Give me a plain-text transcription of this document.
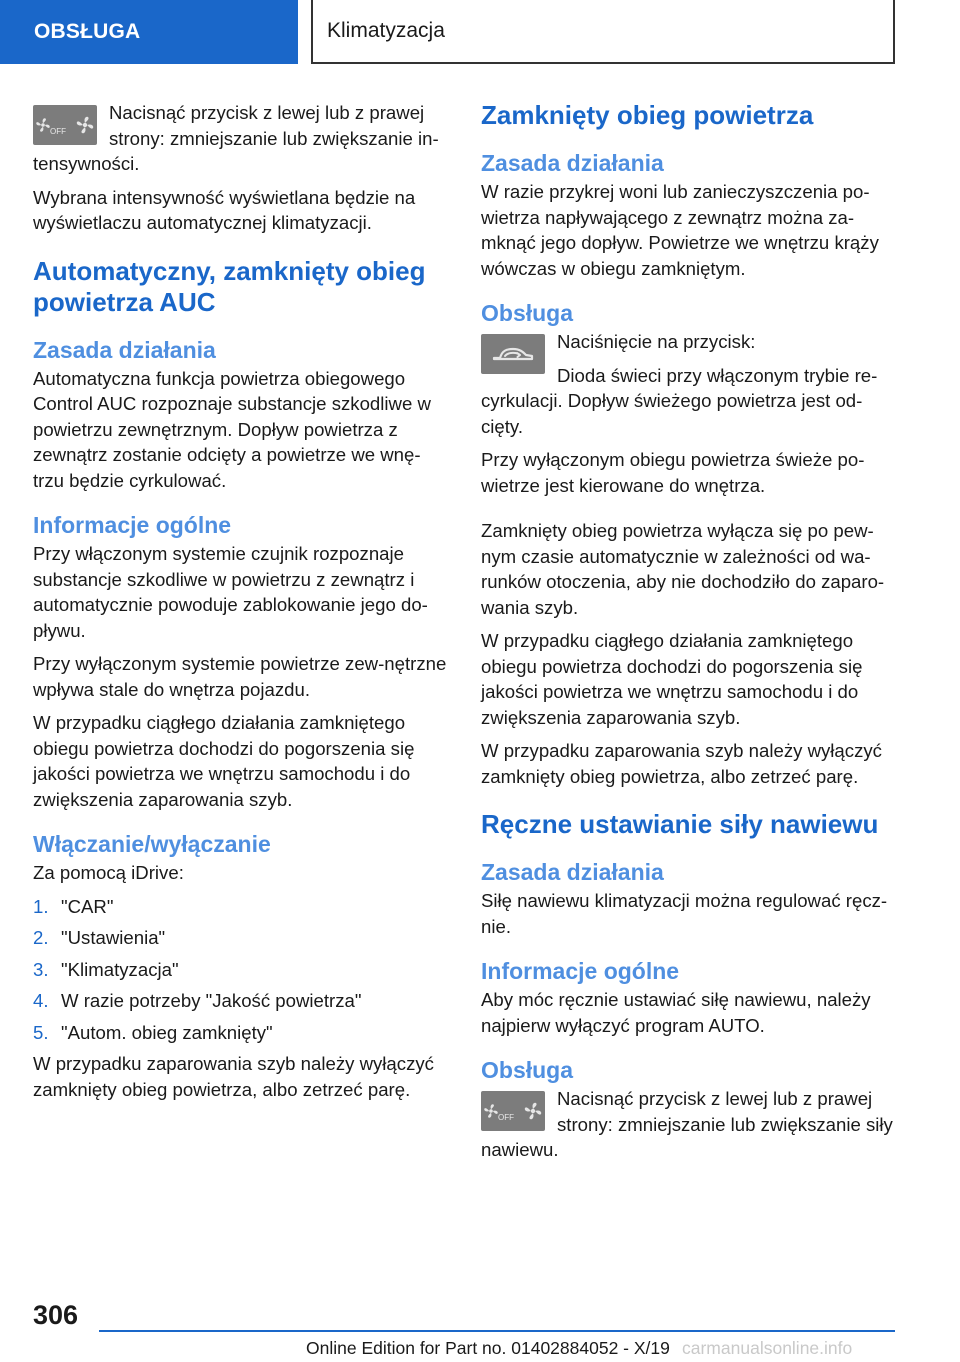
OBSŁUGA	Klimatyzacja
OFF

Nacisnąć przycisk z lewej lub z prawej strony: zmniejszanie lub zwiększanie in‐tensywności.

Wybrana intensywność wyświetlana będzie na wyświetlaczu automatycznej klimatyzacji.

Automatyczny, zamknięty obieg powietrza AUC
Zasada działania

Automatyczna funkcja powietrza obiegowego Control AUC rozpoznaje substancje szkodliwe w powietrzu zewnętrznym. Dopływ powietrza z zewnątrz zostanie odcięty a powietrze we wnę‐trzu będzie cyrkulować.

Informacje ogólne

Przy włączonym systemie czujnik rozpoznaje substancje szkodliwe w powietrzu z zewnątrz i automatycznie powoduje zablokowanie jego do‐pływu.

Przy wyłączonym systemie powietrze zew‐nętrzne wpływa stale do wnętrza pojazdu.

W przypadku ciągłego działania zamkniętego obiegu powietrza dochodzi do pogorszenia się jakości powietrza we wnętrzu samochodu i do zwiększenia zaparowania szyb.

Włączanie/wyłączanie

Za pomocą iDrive:

1. "CAR"
2. "Ustawienia"
3. "Klimatyzacja"
4. W razie potrzeby "Jakość powietrza"
5. "Autom. obieg zamknięty"

W przypadku zaparowania szyb należy wyłączyć zamknięty obieg powietrza, albo zetrzeć parę.

Zamknięty obieg powietrza
Zasada działania

W razie przykrej woni lub zanieczyszczenia po‐wietrza napływającego z zewnątrz można za‐mknąć jego dopływ. Powietrze we wnętrzu krąży wówczas w obiegu zamkniętym.

Obsługa

Naciśnięcie na przycisk:

Dioda świeci przy włączonym trybie re‐cyrkulacji. Dopływ świeżego powietrza jest od‐cięty.

Przy wyłączonym obiegu powietrza świeże po‐wietrze jest kierowane do wnętrza.

Zamknięty obieg powietrza wyłącza się po pew‐nym czasie automatycznie w zależności od wa‐runków otoczenia, aby nie dochodziło do zaparo‐wania szyb.

W przypadku ciągłego działania zamkniętego obiegu powietrza dochodzi do pogorszenia się jakości powietrza we wnętrzu samochodu i do zwiększenia zaparowania szyb.

W przypadku zaparowania szyb należy wyłączyć zamknięty obieg powietrza, albo zetrzeć parę.

Ręczne ustawianie siły nawiewu
Zasada działania

Siłę nawiewu klimatyzacji można regulować ręcz‐nie.

Informacje ogólne

Aby móc ręcznie ustawiać siłę nawiewu, należy najpierw wyłączyć program AUTO.

Obsługa
OFF

Nacisnąć przycisk z lewej lub z prawej strony: zmniejszanie lub zwiększanie siły nawiewu.

306
Online Edition for Part no. 01402884052 - X/19 carmanualsonline.info
